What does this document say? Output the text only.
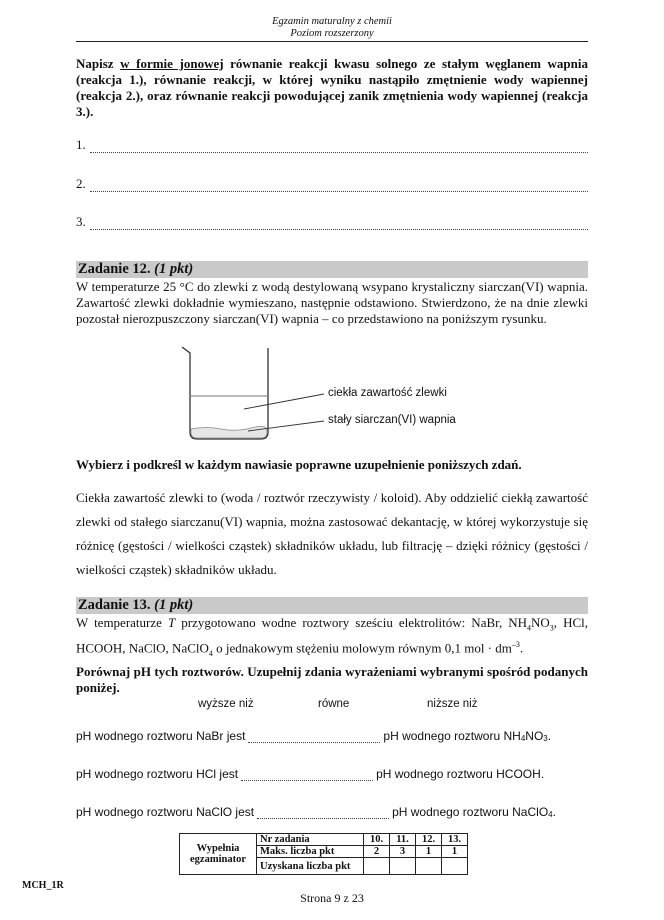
Egzamin maturalny z chemii
Poziom rozszerzony
Napisz w formie jonowej równanie reakcji kwasu solnego ze stałym węglanem wapnia (reakcja 1.), równanie reakcji, w której wyniku nastąpiło zmętnienie wody wapiennej (reakcja 2.), oraz równanie reakcji powodującej zanik zmętnienia wody wapiennej (reakcja 3.).
1.
2.
3.
Zadanie 12. (1 pkt)
W temperaturze 25 °C do zlewki z wodą destylowaną wsypano krystaliczny siarczan(VI) wapnia. Zawartość zlewki dokładnie wymieszano, następnie odstawiono. Stwierdzono, że na dnie zlewki pozostał nierozpuszczony siarczan(VI) wapnia – co przedstawiono na poniższym rysunku.
ciekła zawartość zlewki
stały siarczan(VI) wapnia
Wybierz i podkreśl w każdym nawiasie poprawne uzupełnienie poniższych zdań.
Ciekła zawartość zlewki to (woda / roztwór rzeczywisty / koloid). Aby oddzielić ciekłą zawartość zlewki od stałego siarczanu(VI) wapnia, można zastosować dekantację, w której wykorzystuje się różnicę (gęstości / wielkości cząstek) składników układu, lub filtrację – dzięki różnicy (gęstości / wielkości cząstek) składników układu.
Zadanie 13. (1 pkt)
W temperaturze T przygotowano wodne roztwory sześciu elektrolitów: NaBr, $NH_4NO_3$, HCl, HCOOH, NaClO, NaClO$_4$ o jednakowym stężeniu molowym równym 0,1 mol · $dm^{-3}$.
Porównaj pH tych roztworów. Uzupełnij zdania wyrażeniami wybranymi spośród podanych poniżej.
wyższe niż	równe	niższe niż
pH wodnego roztworu NaBr jest	pH wodnego roztworu $NH_4$ $NO_3$ .
pH wodnego roztworu HCl jest	pH wodnego roztworu HCOOH .
pH wodnego roztworu NaClO jest	pH wodnego roztworu NaClO$_4$ .
Wypełnia egzaminator	Nr zadania	10.	11.	12.	13.
	Maks. liczba pkt	2	3	1	1
	Uzyskana liczba pkt				
MCH_1R
Strona 9 z 23
